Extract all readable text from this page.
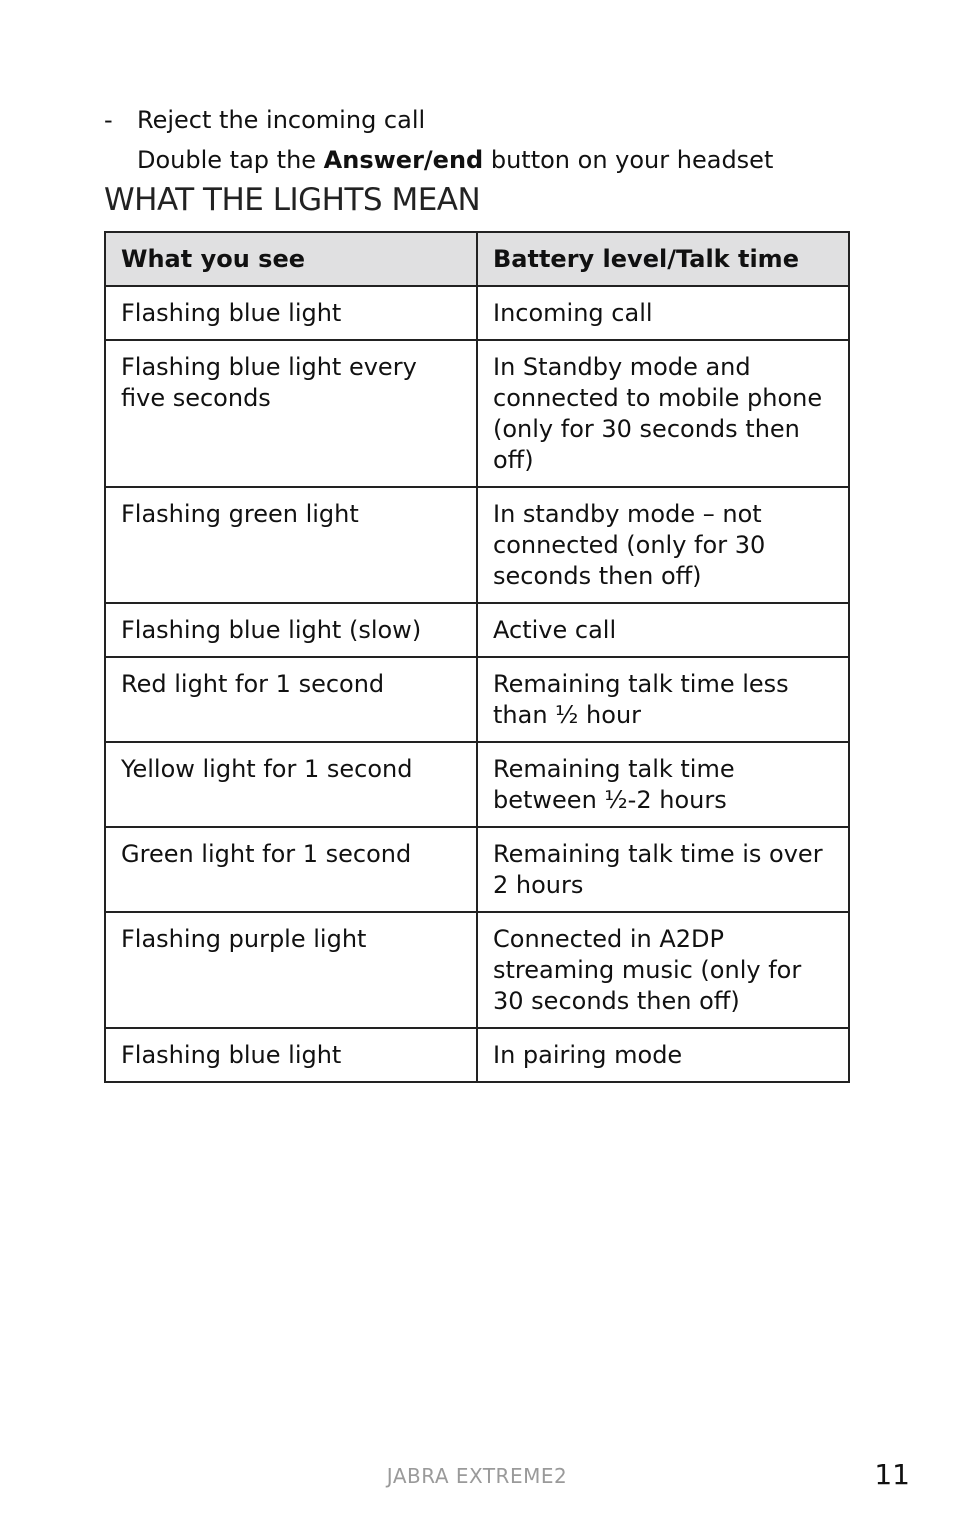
- Reject the incoming call
Double tap the Answer/end button on your headset
WHAT THE LIGHTS MEAN
What you see	Battery level/Talk time
Flashing blue light	Incoming call
Flashing blue light every five seconds	In Standby mode and connected to mobile phone (only for 30 seconds then off)
Flashing green light	In standby mode – not connected (only for 30 seconds then off)
Flashing blue light (slow)	Active call
Red light for 1 second	Remaining talk time less than ½ hour
Yellow light for 1 second	Remaining talk time between ½-2 hours
Green light for 1 second	Remaining talk time is over 2 hours
Flashing purple light	Connected in A2DP streaming music (only for 30 seconds then off)
Flashing blue light	In pairing mode
JABRA EXTREME2	11
